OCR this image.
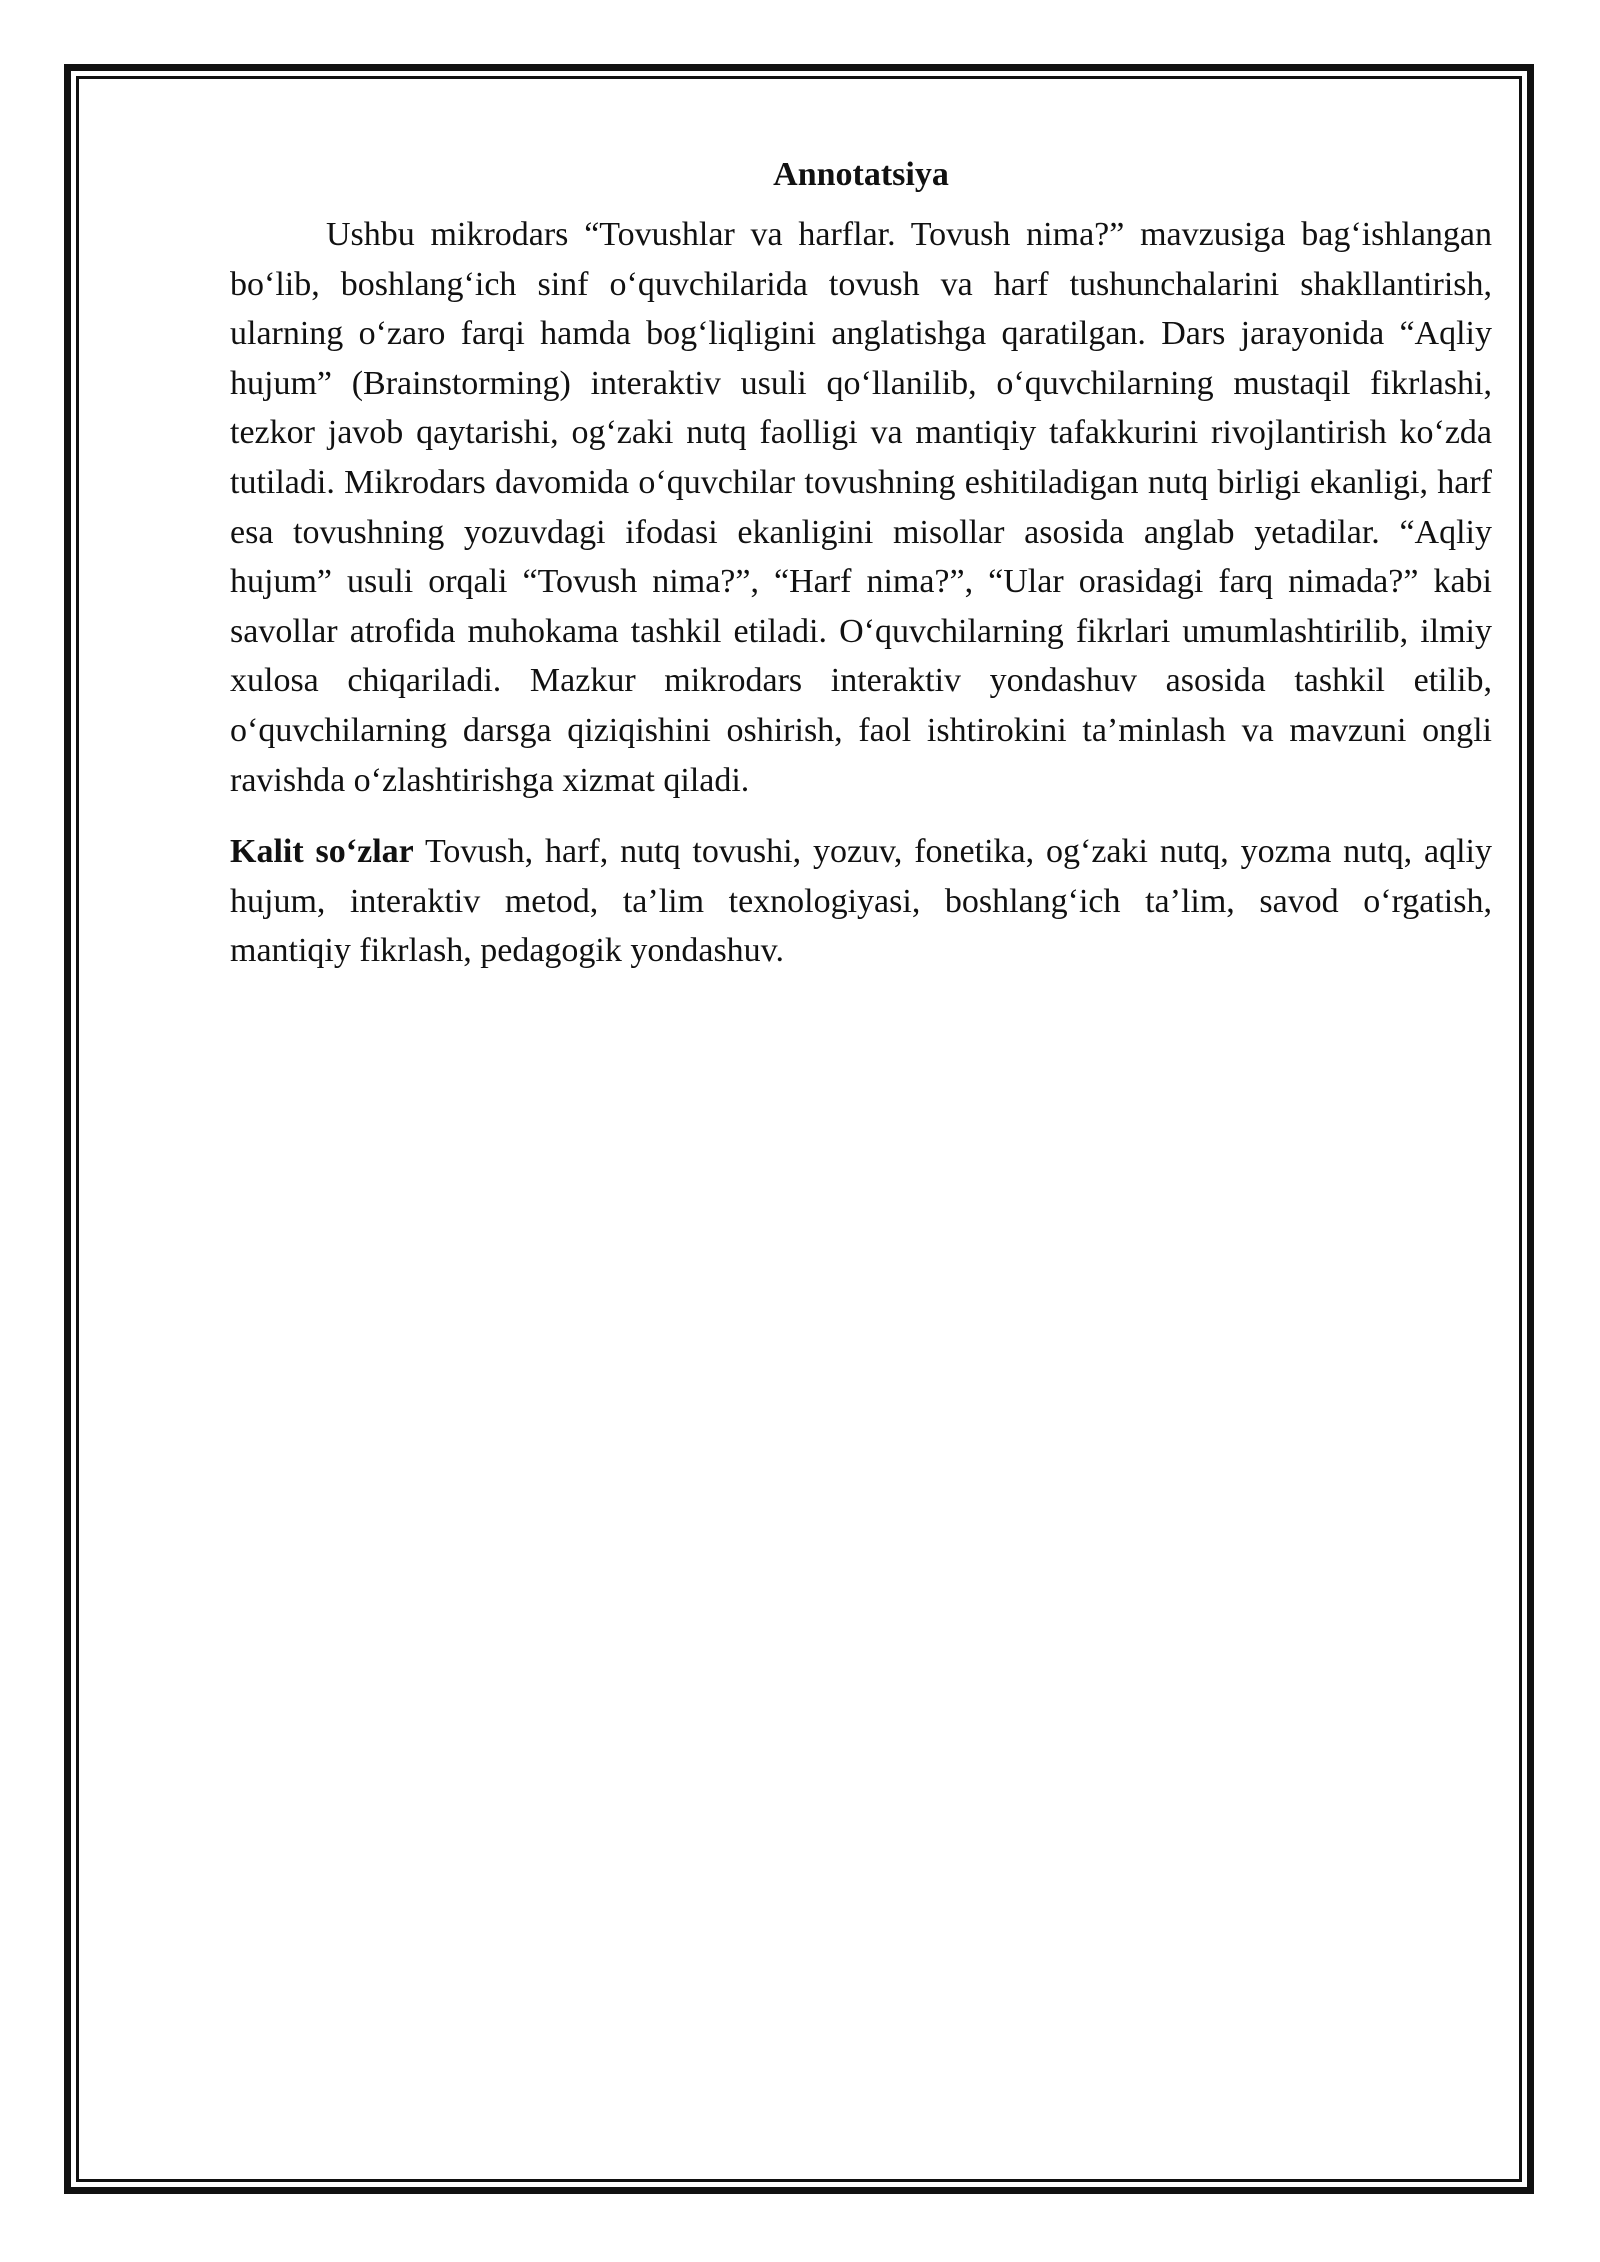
Annotatsiya

Ushbu mikrodars “Tovushlar va harflar. Tovush nima?” mavzusiga bag‘ishlangan bo‘lib, boshlang‘ich sinf o‘quvchilarida tovush va harf tushunchalarini shakllantirish, ularning o‘zaro farqi hamda bog‘liqligini anglatishga qaratilgan. Dars jarayonida “Aqliy hujum” (Brainstorming) interaktiv usuli qo‘llanilib, o‘quvchilarning mustaqil fikrlashi, tezkor javob qaytarishi, og‘zaki nutq faolligi va mantiqiy tafakkurini rivojlantirish ko‘zda tutiladi. Mikrodars davomida o‘quvchilar tovushning eshitiladigan nutq birligi ekanligi, harf esa tovushning yozuvdagi ifodasi ekanligini misollar asosida anglab yetadilar. “Aqliy hujum” usuli orqali “Tovush nima?”, “Harf nima?”, “Ular orasidagi farq nimada?” kabi savollar atrofida muhokama tashkil etiladi. O‘quvchilarning fikrlari umumlashtirilib, ilmiy xulosa chiqariladi. Mazkur mikrodars interaktiv yondashuv asosida tashkil etilib, o‘quvchilarning darsga qiziqishini oshirish, faol ishtirokini ta’minlash va mavzuni ongli ravishda o‘zlashtirishga xizmat qiladi.

Kalit so‘zlar Tovush, harf, nutq tovushi, yozuv, fonetika, og‘zaki nutq, yozma nutq, aqliy hujum, interaktiv metod, ta’lim texnologiyasi, boshlang‘ich ta’lim, savod o‘rgatish, mantiqiy fikrlash, pedagogik yondashuv.
